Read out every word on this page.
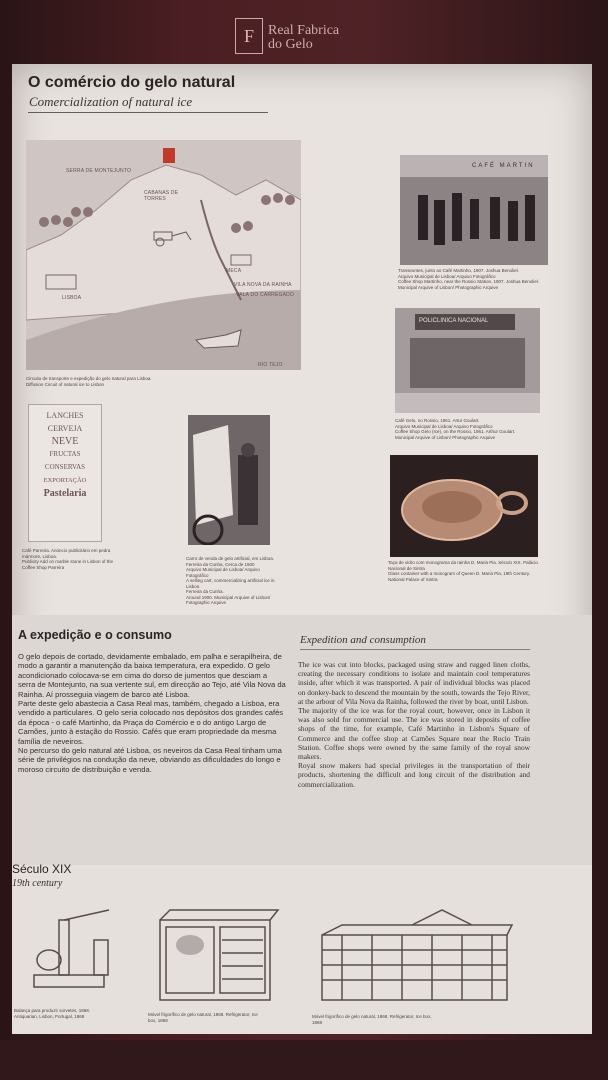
F	Real Fabrica
do Gelo
O comércio do gelo natural
Comercialization of natural ice
SERRA DE MONTEJUNTO
CABANAS DE TORRES
MECA
VILA NOVA DA RAINHA
VALA DO CARREGADO
LISBOA
RIO TEJO
Circuito de transporte e expedição do gelo natural para Lisboa.
Diffusion Circuit of natural ice to Lisbon
CAFÉ MARTIN
Transeuntes, junto ao Café Martinho, 1907. Joshua Benoliel.
Arquivo Municipal de Lisboa/ Arquivo Fotográfico
Coffee Shop Martinho, near the Rossio Station, 1907. Joshua Benoliel.
Municipal Arquive of Lisbon/ Photographic Arquive
POLICLINICA NACIONAL
Café Gelo, no Rossio, 1961. Artur Goulart.
Arquivo Municipal de Lisboa/ Arquivo Fotográfico
Coffee Shop Gelo (Ice), on the Rossio, 1961. Arthur Goulart.
Municipal Arquive of Lisbon/ Photographic Arquive
LANCHES
CERVEJA
NEVE
FRUCTAS
CONSERVAS
EXPORTAÇÃO
Pastelaria
Café Parreira. Anúncio publicitário em pedra mármore, Lisboa.
Publicity Add on marble stone in Lisbon of the Coffee Shop Parreira
Carro de venda de gelo artificial, em Lisboa.
Ferreira da Cunha, Cerca de 1900
Arquivo Municipal de Lisboa/ Arquivo Fotográfico
A selling cart, commercializing artificial ice in Lisbon.
Ferreira da Cunha.
Around 1900. Municipal Arquive of Lisbon/ Fotographic Arquive
Taça de vidro com monograma da rainha D. Maria Pia. Século XIX. Palácio Nacional de Sintra
Glass container with a monogram of Queen D. Maria Pia, 19th Century.
National Palace of Sintra
A expedição e o consumo	Expedition and consumption

O gelo depois de cortado, devidamente embalado, em palha e serapilheira, de modo a garantir a manutenção da baixa temperatura, era expedido. O gelo acondicionado colocava-se em cima do dorso de jumentos que desciam a serra de Montejunto, na sua vertente sul, em direcção ao Tejo, até Vila Nova da Rainha. Aí prosseguia viagem de barco até Lisboa.

Parte deste gelo abastecia a Casa Real mas, também, chegado a Lisboa, era vendido a particulares. O gelo seria colocado nos depósitos dos grandes cafés da época - o café Martinho, da Praça do Comércio e o do antigo Largo de Camões, junto à estação do Rossio. Cafés que eram propriedade da mesma família de neveiros.

No percurso do gelo natural até Lisboa, os neveiros da Casa Real tinham uma série de privilégios na condução da neve, obviando as dificuldades do longo e moroso circuito de distribuição e venda.

The ice was cut into blocks, packaged using straw and rugged linen cloths, creating the necessary conditions to isolate and maintain cool temperatures inside, after which it was transported. A pair of individual blocks was placed on donkey-back to descend the mountain by the south, towards the Tejo River, at the arbour of Vila Nova da Rainha, followed the river by boat, until Lisbon.

The majority of the ice was for the royal court, however, once in Lisbon it was also sold for commercial use. The ice was stored in deposits of coffee shops of the time, for example, Café Martinho in Lisbon's Square of Commerce and the coffee shop at Camões Square near the Rocio Train Station. Coffee shops were owned by the same family of the royal snow makers.

Royal snow makers had special privileges in the transportation of their products, shortening the difficult and long circuit of the distribution and commercialization.

Século XIX
19th century
Balança para produzir sorvetes, 1868. Antiquarian, Lisbon, Portugal, 1868	Móvel frigorífico de gelo natural, 1868. Refrigerator, Ice box, 1868
Móvel frigorífico de gelo natural, 1868. Refrigerator, Ice box, 1868
